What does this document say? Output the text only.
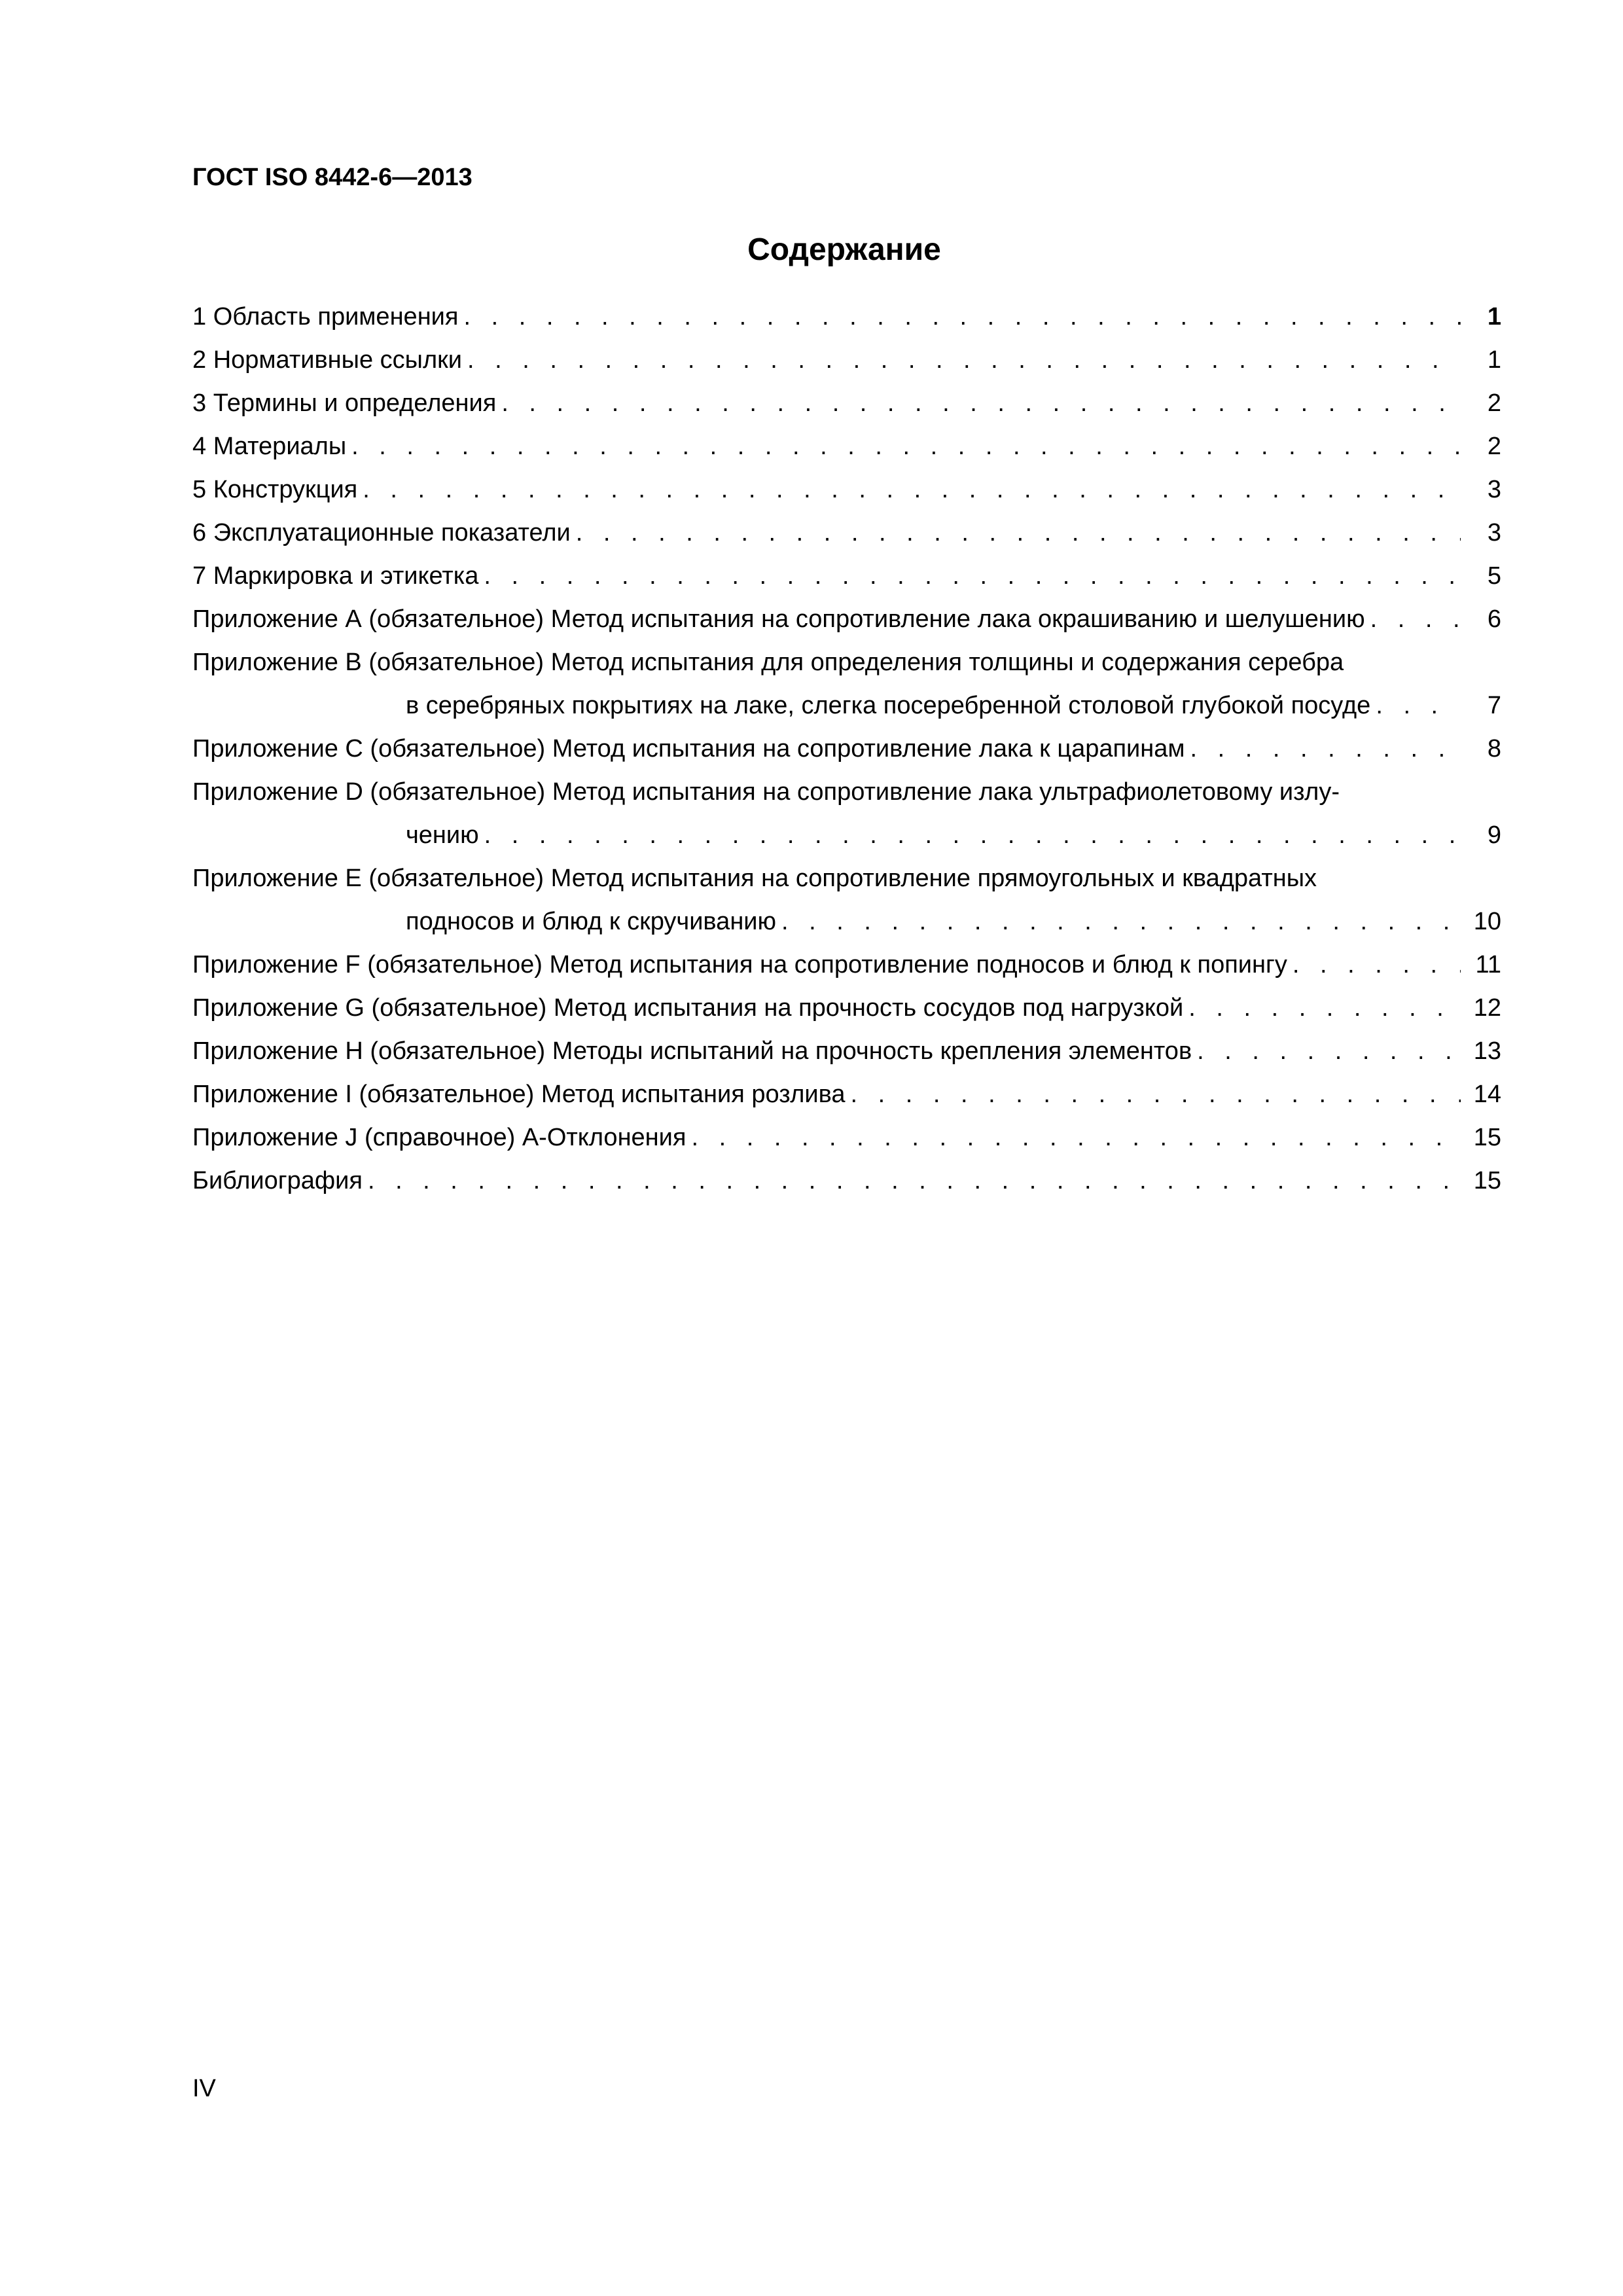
ГОСТ ISO 8442-6—2013
Содержание
1 Область применения . . .	1
2 Нормативные ссылки . . .	1
3 Термины и определения . . .	2
4 Материалы . . .	2
5 Конструкция . . .	3
6 Эксплуатационные показатели . . .	3
7 Маркировка и этикетка . . .	5
Приложение А (обязательное) Метод испытания на сопротивление лака окрашиванию и шелушению . . .	6
Приложение В (обязательное) Метод испытания для определения толщины и содержания серебра
в серебряных покрытиях на лаке, слегка посеребренной столовой глубокой посуде . . .	7
Приложение С (обязательное) Метод испытания на сопротивление лака к царапинам . . .	8
Приложение D (обязательное) Метод испытания на сопротивление лака ультрафиолетовому излу-
чению . . .	9
Приложение Е (обязательное) Метод испытания на сопротивление прямоугольных и квадратных
подносов и блюд к скручиванию . . .	10
Приложение F (обязательное) Метод испытания на сопротивление подносов и блюд к попингу . . .	11
Приложение G (обязательное) Метод испытания на прочность сосудов под нагрузкой . . .	12
Приложение Н (обязательное) Методы испытаний на прочность крепления элементов . . .	13
Приложение I (обязательное) Метод испытания розлива . . .	14
Приложение J (справочное) А-Отклонения . . .	15
Библиография . . .	15
IV
